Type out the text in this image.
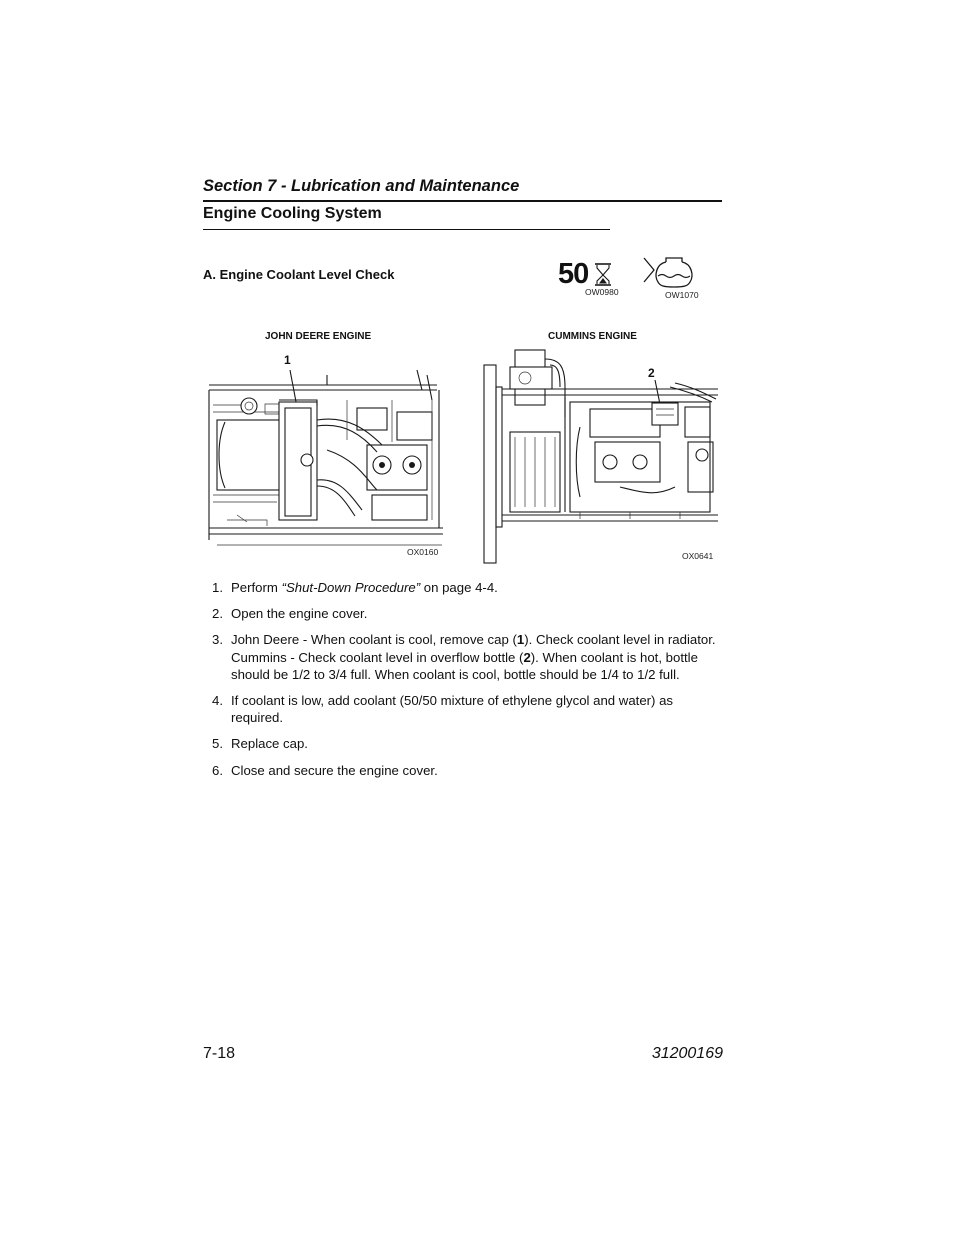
Section 7 - Lubrication and Maintenance
Engine Cooling System
A. Engine Coolant Level Check	50
OW0980	OW1070
JOHN DEERE ENGINE
1
OX0160
CUMMINS ENGINE
2
OX0641
1. Perform “Shut-Down Procedure” on page 4-4.
2. Open the engine cover.
3. John Deere - When coolant is cool, remove cap (1). Check coolant level in radiator.
Cummins - Check coolant level in overflow bottle (2). When coolant is hot, bottle should be 1/2 to 3/4 full. When coolant is cool, bottle should be 1/4 to 1/2 full.
4. If coolant is low, add coolant (50/50 mixture of ethylene glycol and water) as required.
5. Replace cap.
6. Close and secure the engine cover.
7-18	31200169
